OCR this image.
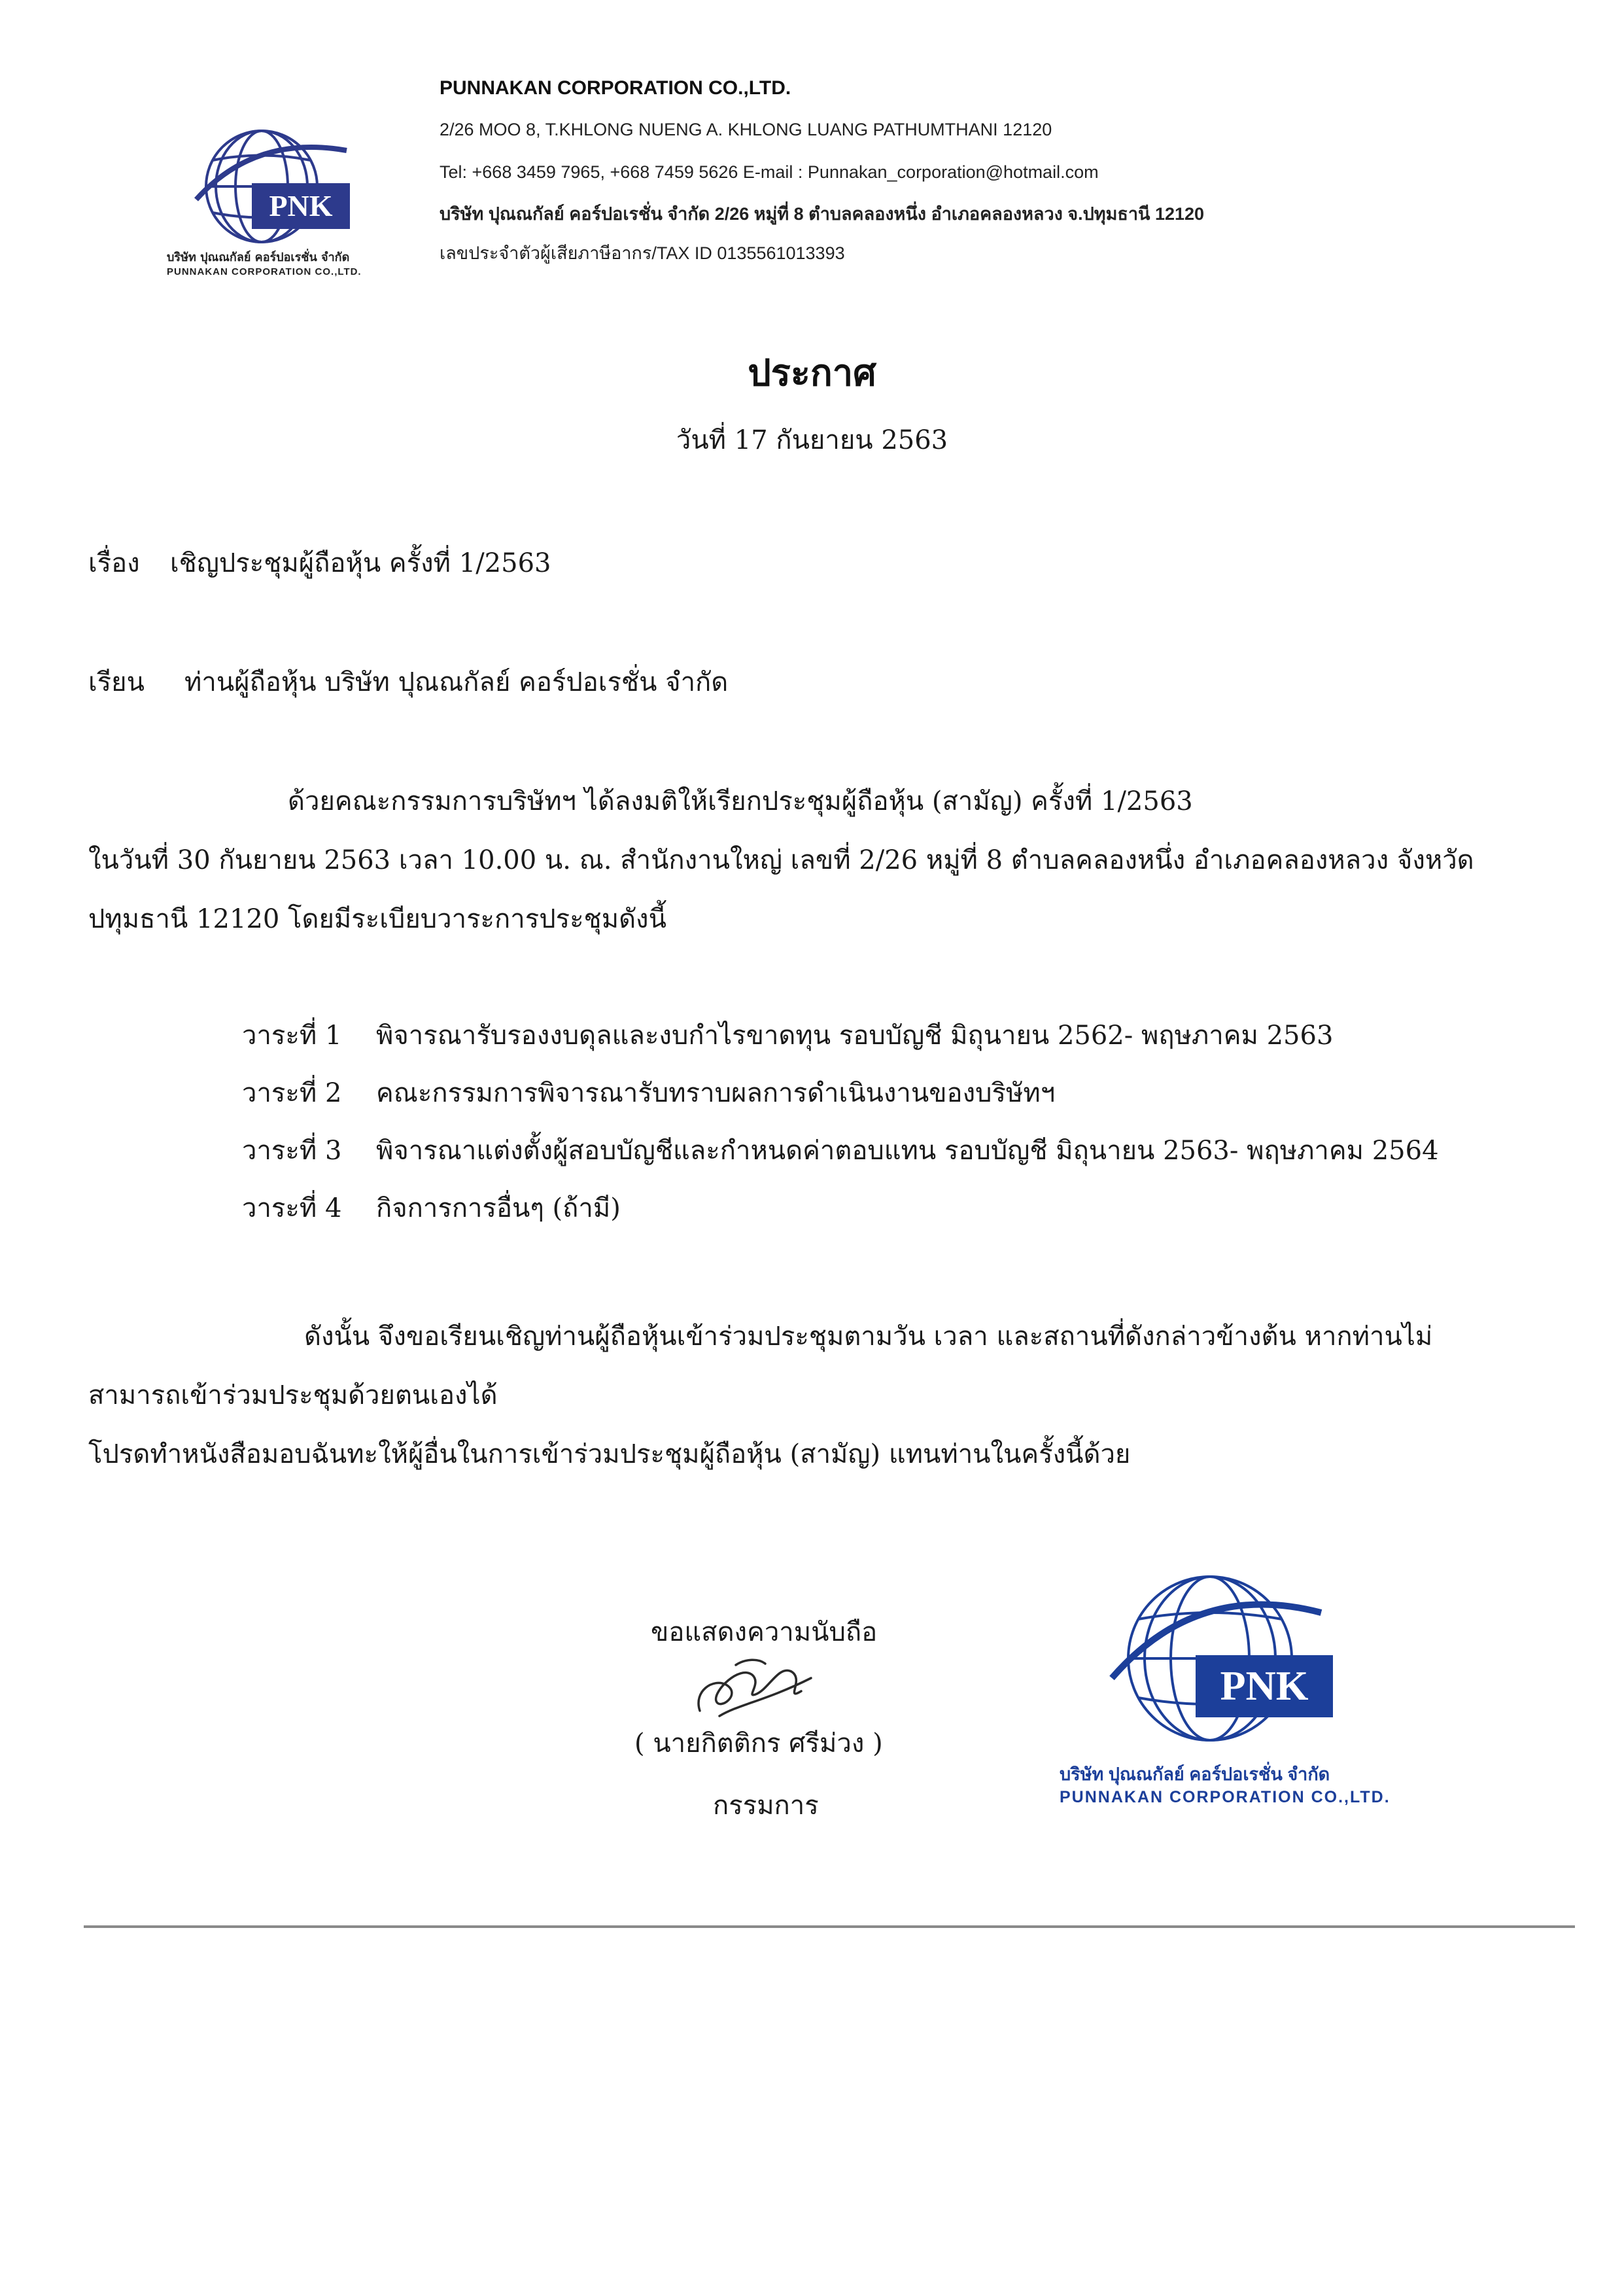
PNK
บริษัท ปุณณกัลย์ คอร์ปอเรชั่น จำกัด
PUNNAKAN CORPORATION CO.,LTD.
PUNNAKAN CORPORATION CO.,LTD.
2/26 MOO 8, T.KHLONG NUENG A. KHLONG LUANG PATHUMTHANI 12120
Tel: +668 3459 7965, +668 7459 5626 E-mail : Punnakan_corporation@hotmail.com
บริษัท ปุณณกัลย์ คอร์ปอเรชั่น จำกัด 2/26 หมู่ที่ 8 ตำบลคลองหนึ่ง อำเภอคลองหลวง จ.ปทุมธานี 12120
เลขประจำตัวผู้เสียภาษีอากร/TAX ID 0135561013393
ประกาศ
วันที่ 17 กันยายน 2563
เรื่อง เชิญประชุมผู้ถือหุ้น ครั้งที่ 1/2563
เรียน ท่านผู้ถือหุ้น บริษัท ปุณณกัลย์ คอร์ปอเรชั่น จำกัด
ด้วยคณะกรรมการบริษัทฯ ได้ลงมติให้เรียกประชุมผู้ถือหุ้น (สามัญ) ครั้งที่ 1/2563
ในวันที่ 30 กันยายน 2563 เวลา 10.00 น. ณ. สำนักงานใหญ่ เลขที่ 2/26 หมู่ที่ 8 ตำบลคลองหนึ่ง อำเภอคลองหลวง จังหวัด
ปทุมธานี 12120 โดยมีระเบียบวาระการประชุมดังนี้
วาระที่ 1 พิจารณารับรองงบดุลและงบกำไรขาดทุน รอบบัญชี มิถุนายน 2562- พฤษภาคม 2563
วาระที่ 2 คณะกรรมการพิจารณารับทราบผลการดำเนินงานของบริษัทฯ
วาระที่ 3 พิจารณาแต่งตั้งผู้สอบบัญชีและกำหนดค่าตอบแทน รอบบัญชี มิถุนายน 2563- พฤษภาคม 2564
วาระที่ 4 กิจการการอื่นๆ (ถ้ามี)
ดังนั้น จึงขอเรียนเชิญท่านผู้ถือหุ้นเข้าร่วมประชุมตามวัน เวลา และสถานที่ดังกล่าวข้างต้น หากท่านไม่
สามารถเข้าร่วมประชุมด้วยตนเองได้
โปรดทำหนังสือมอบฉันทะให้ผู้อื่นในการเข้าร่วมประชุมผู้ถือหุ้น (สามัญ) แทนท่านในครั้งนี้ด้วย
ขอแสดงความนับถือ
( นายกิตติกร ศรีม่วง )
กรรมการ
PNK
บริษัท ปุณณกัลย์ คอร์ปอเรชั่น จำกัด
PUNNAKAN CORPORATION CO.,LTD.
